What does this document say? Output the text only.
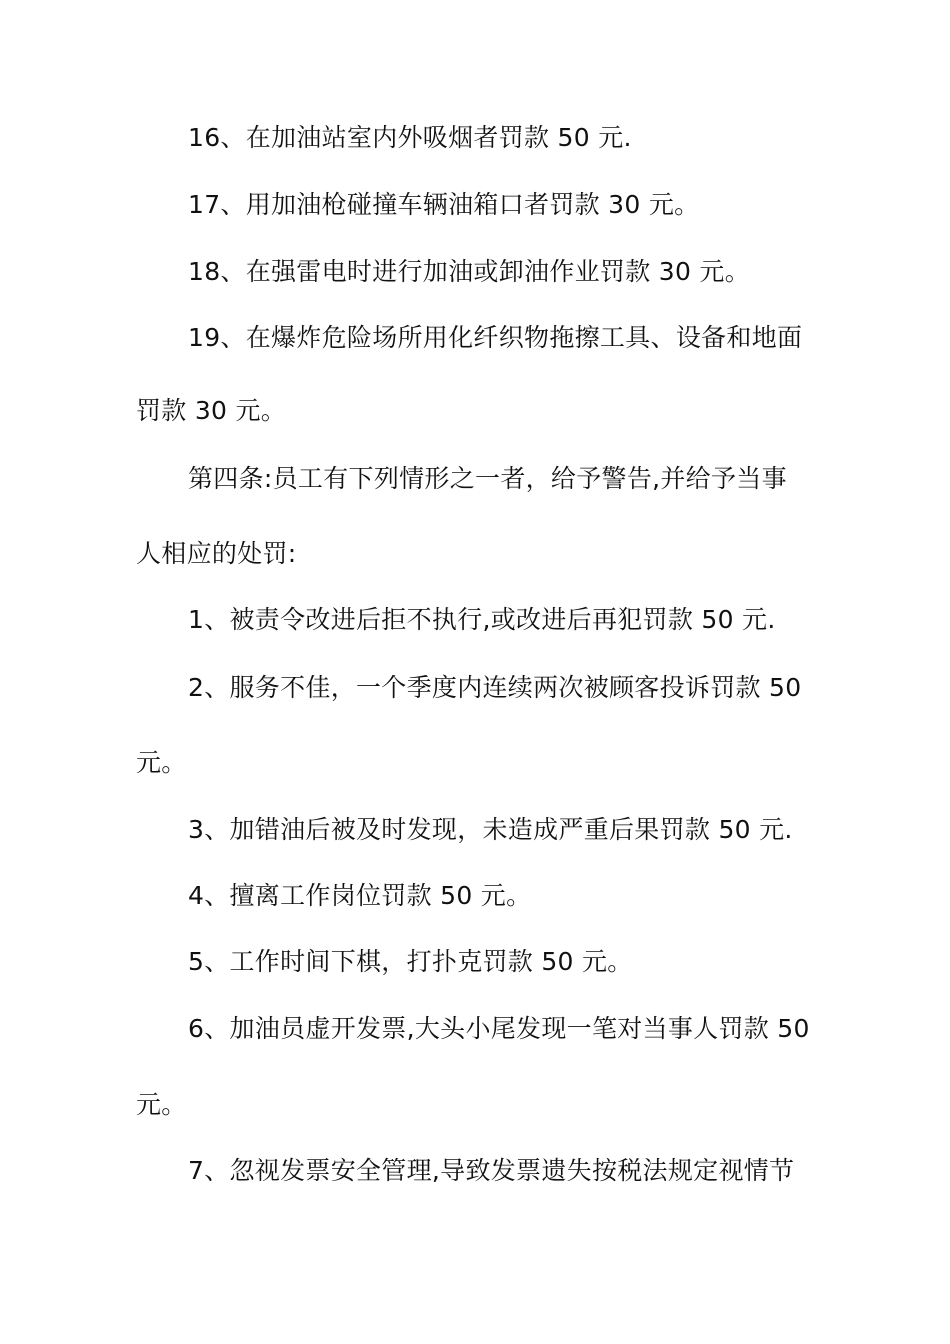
16、在加油站室内外吸烟者罚款 50 元.
17、用加油枪碰撞车辆油箱口者罚款 30 元。
18、在强雷电时进行加油或卸油作业罚款 30 元。
19、在爆炸危险场所用化纤织物拖擦工具、设备和地面
罚款 30 元。
第四条:员工有下列情形之一者，给予警告,并给予当事
人相应的处罚:
1、被责令改进后拒不执行,或改进后再犯罚款 50 元.
2、服务不佳，一个季度内连续两次被顾客投诉罚款 50
元。
3、加错油后被及时发现，未造成严重后果罚款 50 元.
4、擅离工作岗位罚款 50 元。
5、工作时间下棋，打扑克罚款 50 元。
6、加油员虚开发票,大头小尾发现一笔对当事人罚款 50
元。
7、忽视发票安全管理,导致发票遗失按税法规定视情节
